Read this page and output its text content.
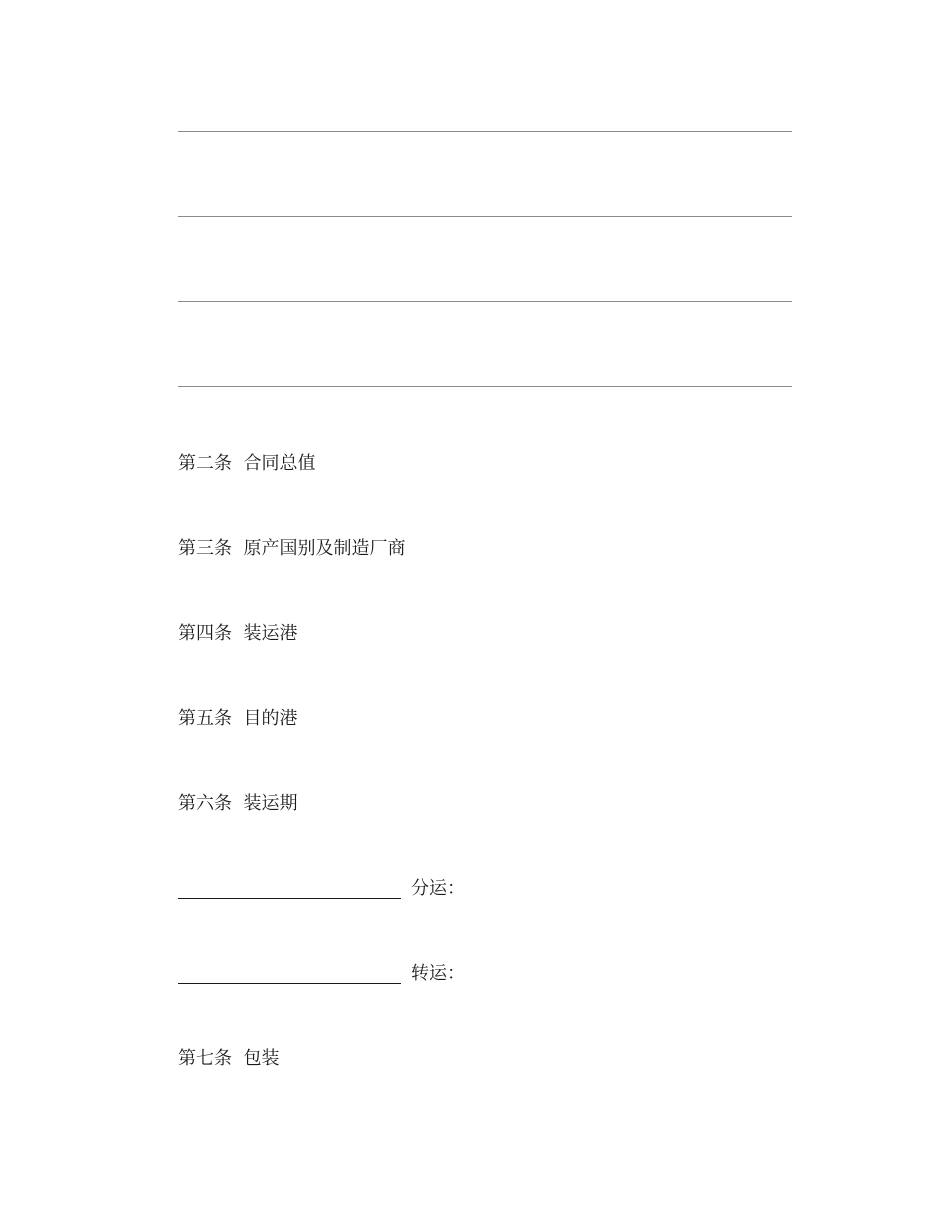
第二条 合同总值
第三条 原产国别及制造厂商
第四条 装运港
第五条 目的港
第六条 装运期
分运：
转运：
第七条 包装
